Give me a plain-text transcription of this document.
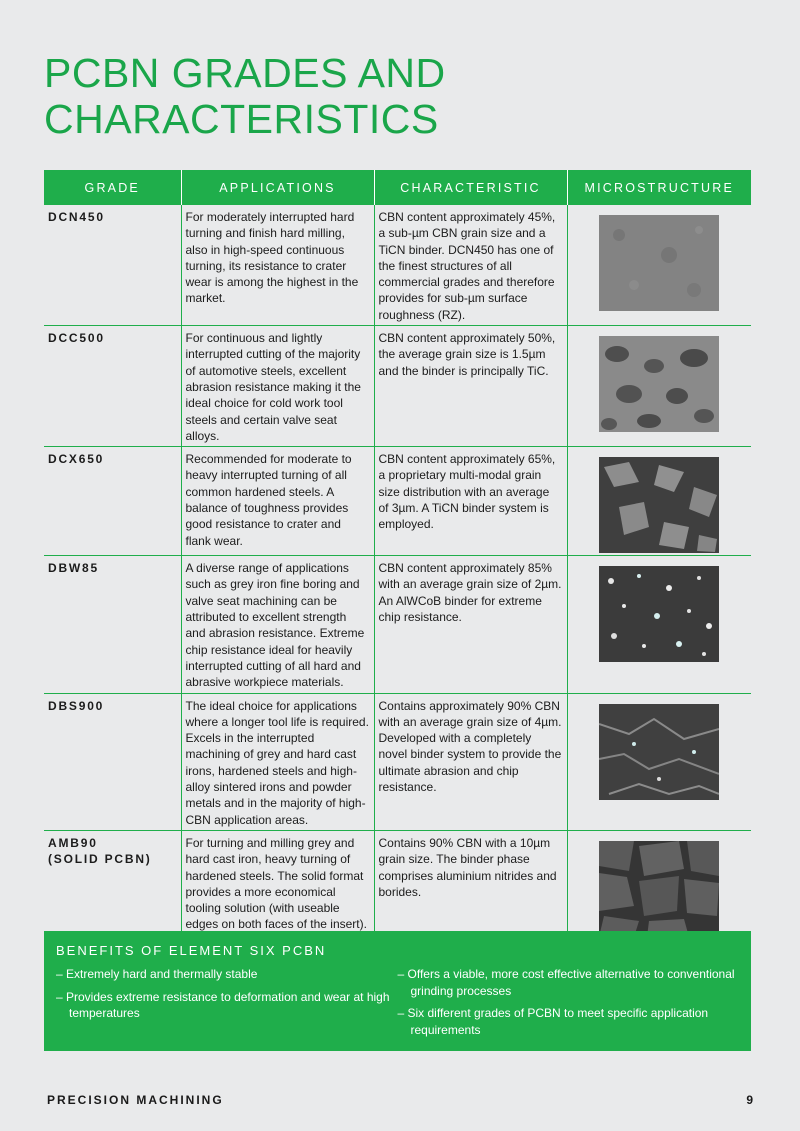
PCBN GRADES AND
CHARACTERISTICS
GRADE	APPLICATIONS	CHARACTERISTIC	MICROSTRUCTURE

DCN450	For moderately interrupted hard turning and finish hard milling, also in high-speed continuous turning, its resistance to crater wear is among the highest in the market.	CBN content approximately 45%, a sub-µm CBN grain size and a TiCN binder. DCN450 has one of the finest structures of all commercial grades and therefore provides for sub-µm surface roughness (RZ).	

DCC500	For continuous and lightly interrupted cutting of the majority of automotive steels, excellent abrasion resistance making it the ideal choice for cold work tool steels and certain valve seat alloys.	CBN content approximately 50%, the average grain size is 1.5µm and the binder is principally TiC.	

DCX650	Recommended for moderate to heavy interrupted turning of all common hardened steels. A balance of toughness provides good resistance to crater and flank wear.	CBN content approximately 65%, a proprietary multi-modal grain size distribution with an average of 3µm. A TiCN binder system is employed.	

DBW85	A diverse range of applications such as grey iron fine boring and valve seat machining can be attributed to excellent strength and abrasion resistance. Extreme chip resistance ideal for heavily interrupted cutting of all hard and abrasive workpiece materials.	CBN content approximately 85% with an average grain size of 2µm. An AlWCoB binder for extreme chip resistance.	

DBS900	The ideal choice for applications where a longer tool life is required. Excels in the interrupted machining of grey and hard cast irons, hardened steels and high-alloy sintered irons and powder metals and in the majority of high-CBN application areas.	Contains approximately 90% CBN with an average grain size of 4µm. Developed with a completely novel binder system to provide the ultimate abrasion and chip resistance.	

AMB90
(SOLID PCBN)	For turning and milling grey and hard cast iron, heavy turning of hardened steels. The solid format provides a more economical tooling solution (with useable edges on both faces of the insert).	Contains 90% CBN with a 10µm grain size. The binder phase comprises aluminium nitrides and borides.	
BENEFITS OF ELEMENT SIX PCBN
– Extremely hard and thermally stable
– Provides extreme resistance to deformation and wear at high temperatures
– Offers a viable, more cost effective alternative to conventional grinding processes
– Six different grades of PCBN to meet specific application requirements
PRECISION MACHINING	9
